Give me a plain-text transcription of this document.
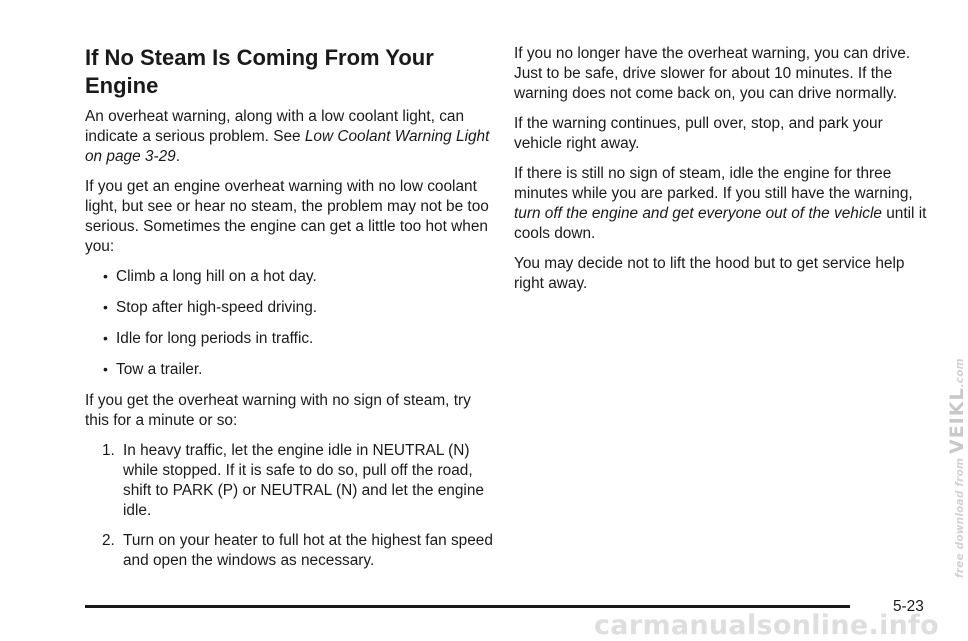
If No Steam Is Coming From Your Engine

An overheat warning, along with a low coolant light, can indicate a serious problem. See Low Coolant Warning Light on page 3-29.

If you get an engine overheat warning with no low coolant light, but see or hear no steam, the problem may not be too serious. Sometimes the engine can get a little too hot when you:

• Climb a long hill on a hot day.
• Stop after high-speed driving.
• Idle for long periods in traffic.
• Tow a trailer.

If you get the overheat warning with no sign of steam, try this for a minute or so:

1. In heavy traffic, let the engine idle in NEUTRAL (N) while stopped. If it is safe to do so, pull off the road, shift to PARK (P) or NEUTRAL (N) and let the engine idle.
2. Turn on your heater to full hot at the highest fan speed and open the windows as necessary.

If you no longer have the overheat warning, you can drive. Just to be safe, drive slower for about 10 minutes. If the warning does not come back on, you can drive normally.

If the warning continues, pull over, stop, and park your vehicle right away.

If there is still no sign of steam, idle the engine for three minutes while you are parked. If you still have the warning, turn off the engine and get everyone out of the vehicle until it cools down.

You may decide not to lift the hood but to get service help right away.

5-23
free download from VEIKL.com
carmanualsonline.info
